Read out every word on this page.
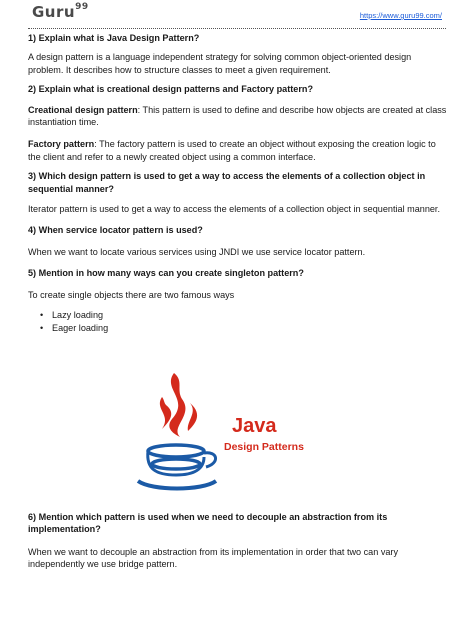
Guru$^{99}$
https://www.guru99.com/

1) Explain what is Java Design Pattern?

A design pattern is a language independent strategy for solving common object-oriented design problem. It describes how to structure classes to meet a given requirement.

2) Explain what is creational design patterns and Factory pattern?

Creational design pattern: This pattern is used to define and describe how objects are created at class instantiation time.

Factory pattern: The factory pattern is used to create an object without exposing the creation logic to the client and refer to a newly created object using a common interface.

3) Which design pattern is used to get a way to access the elements of a collection object in sequential manner?

Iterator pattern is used to get a way to access the elements of a collection object in sequential manner.

4) When service locator pattern is used?

When we want to locate various services using JNDI we use service locator pattern.

5) Mention in how many ways can you create singleton pattern?

To create single objects there are two famous ways

• Lazy loading
• Eager loading
Java
Design Patterns

6) Mention which pattern is used when we need to decouple an abstraction from its implementation?

When we want to decouple an abstraction from its implementation in order that two can vary independently we use bridge pattern.
